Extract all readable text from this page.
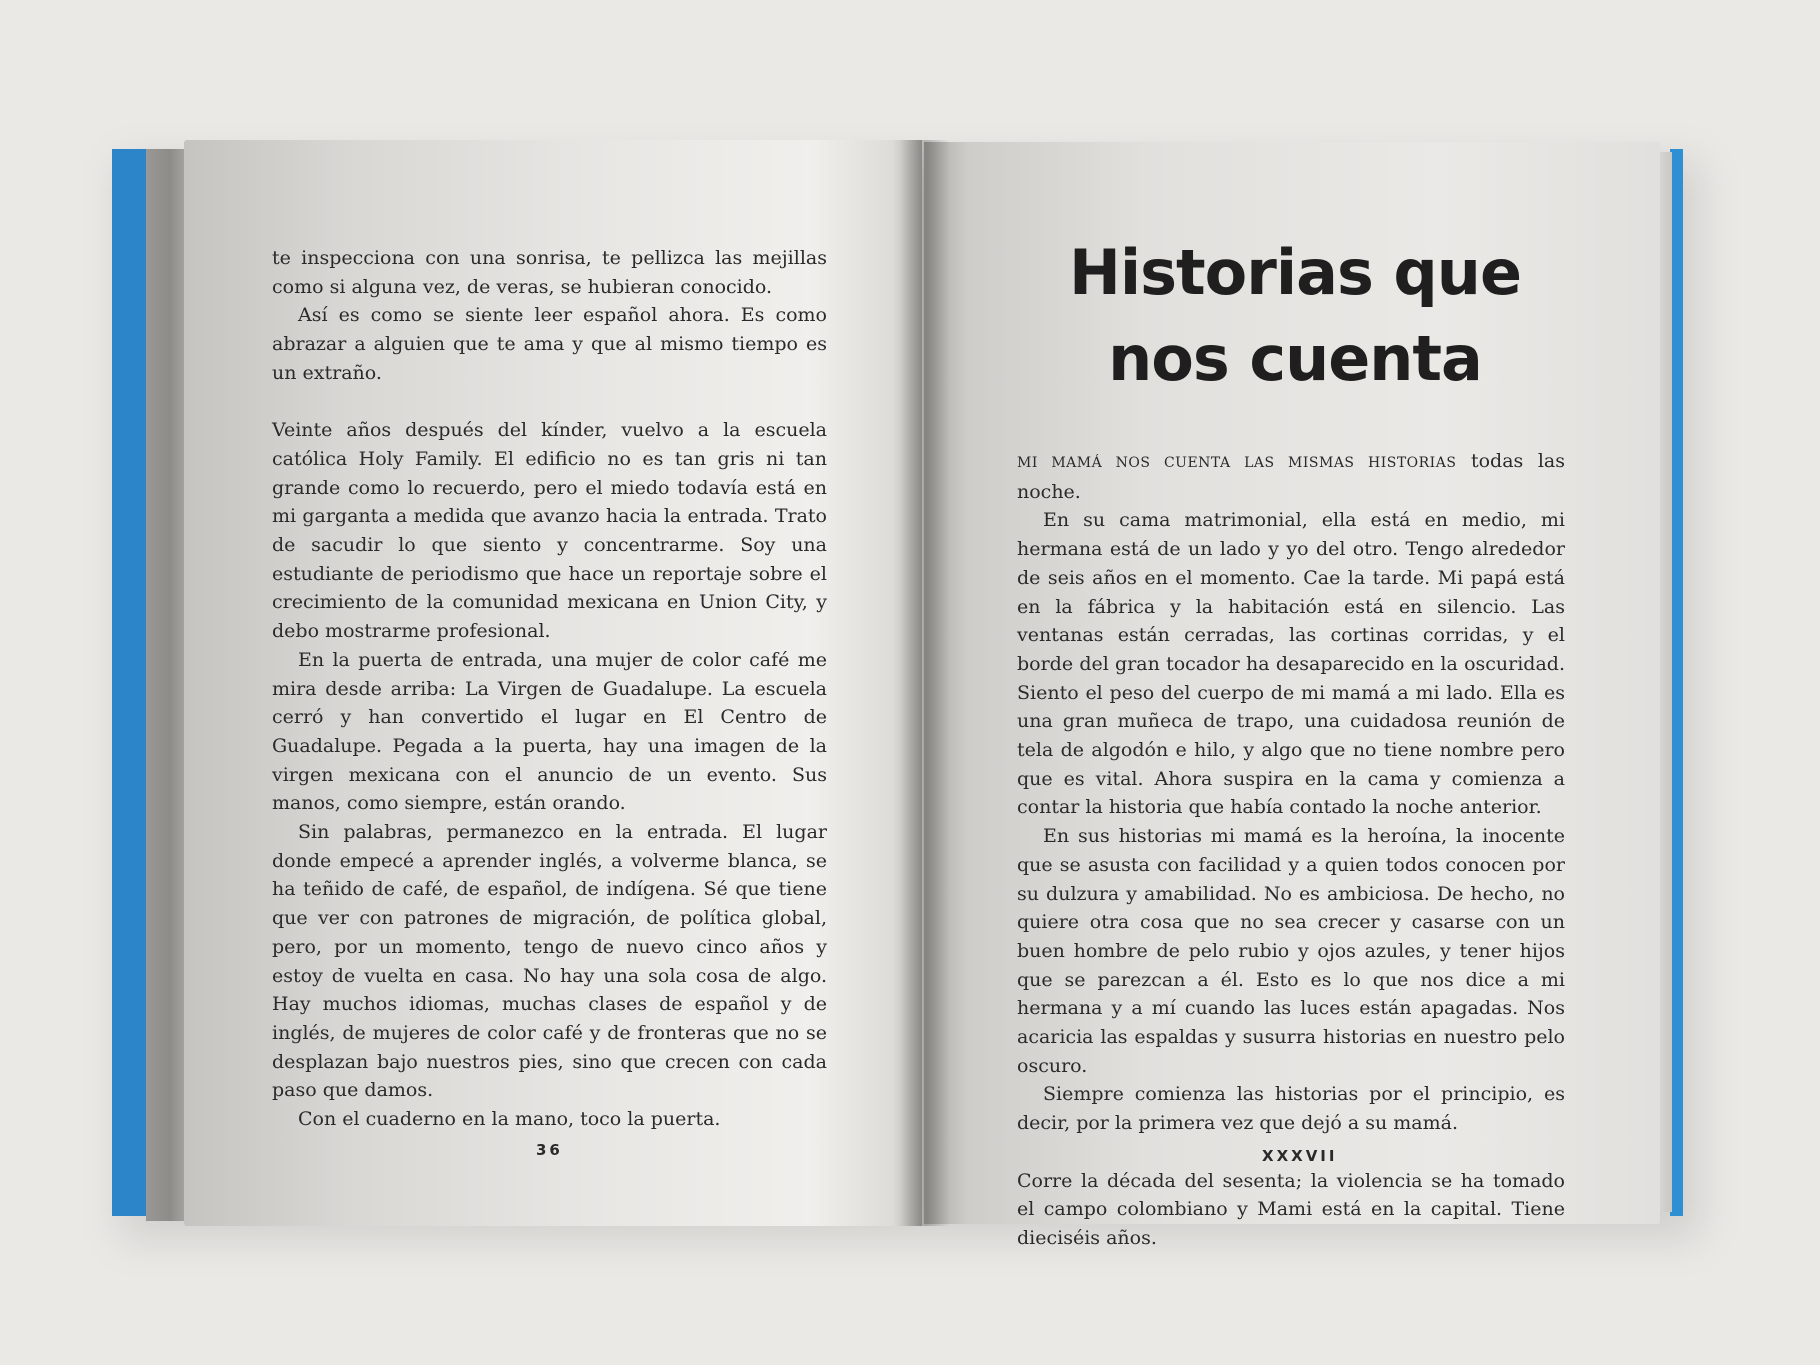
te inspecciona con una sonrisa, te pellizca las mejillas como si alguna vez, de veras, se hubieran conocido.

Así es como se siente leer español ahora. Es como abrazar a alguien que te ama y que al mismo tiempo es un extraño.

Veinte años después del kínder, vuelvo a la escuela católica Holy Family. El edificio no es tan gris ni tan grande como lo recuerdo, pero el miedo todavía está en mi garganta a medida que avanzo hacia la entrada. Trato de sacudir lo que siento y concentrarme. Soy una estudiante de periodismo que hace un reportaje sobre el crecimiento de la comunidad mexicana en Union City, y debo mostrarme profesional.

En la puerta de entrada, una mujer de color café me mira desde arriba: La Virgen de Guadalupe. La escuela cerró y han convertido el lugar en El Centro de Guadalupe. Pegada a la puerta, hay una imagen de la virgen mexicana con el anuncio de un evento. Sus manos, como siempre, están orando.

Sin palabras, permanezco en la entrada. El lugar donde empecé a aprender inglés, a volverme blanca, se ha teñido de café, de español, de indígena. Sé que tiene que ver con patrones de migración, de política global, pero, por un momento, tengo de nuevo cinco años y estoy de vuelta en casa. No hay una sola cosa de algo. Hay muchos idiomas, muchas clases de español y de inglés, de mujeres de color café y de fronteras que no se desplazan bajo nuestros pies, sino que crecen con cada paso que damos.

Con el cuaderno en la mano, toco la puerta.

36
Historias que nos cuenta

MI MAMÁ NOS CUENTA LAS MISMAS HISTORIAS todas las noche.

En su cama matrimonial, ella está en medio, mi hermana está de un lado y yo del otro. Tengo alrededor de seis años en el momento. Cae la tarde. Mi papá está en la fábrica y la habitación está en silencio. Las ventanas están cerradas, las cortinas corridas, y el borde del gran tocador ha desaparecido en la oscuridad. Siento el peso del cuerpo de mi mamá a mi lado. Ella es una gran muñeca de trapo, una cuidadosa reunión de tela de algodón e hilo, y algo que no tiene nombre pero que es vital. Ahora suspira en la cama y comienza a contar la historia que había contado la noche anterior.

En sus historias mi mamá es la heroína, la inocente que se asusta con facilidad y a quien todos conocen por su dulzura y amabilidad. No es ambiciosa. De hecho, no quiere otra cosa que no sea crecer y casarse con un buen hombre de pelo rubio y ojos azules, y tener hijos que se parezcan a él. Esto es lo que nos dice a mi hermana y a mí cuando las luces están apagadas. Nos acaricia las espaldas y susurra historias en nuestro pelo oscuro.

Siempre comienza las historias por el principio, es decir, por la primera vez que dejó a su mamá.

Corre la década del sesenta; la violencia se ha tomado el campo colombiano y Mami está en la capital. Tiene dieciséis años.

XXXVII
